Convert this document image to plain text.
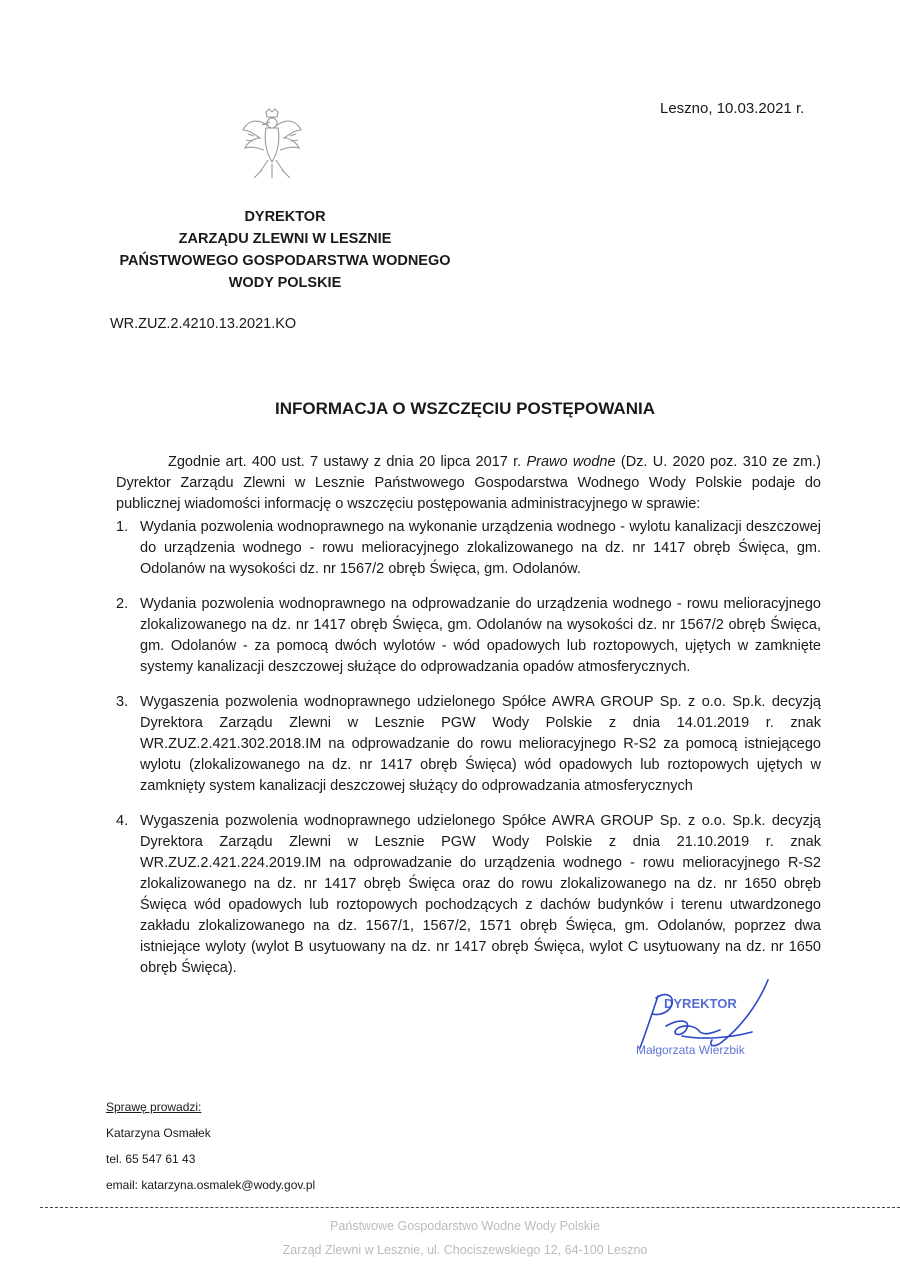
Leszno, 10.03.2021 r.
DYREKTOR
ZARZĄDU ZLEWNI W LESZNIE
PAŃSTWOWEGO GOSPODARSTWA WODNEGO
WODY POLSKIE
WR.ZUZ.2.4210.13.2021.KO
INFORMACJA O WSZCZĘCIU POSTĘPOWANIA
Zgodnie art. 400 ust. 7 ustawy z dnia 20 lipca 2017 r. Prawo wodne (Dz. U. 2020 poz. 310 ze zm.) Dyrektor Zarządu Zlewni w Lesznie Państwowego Gospodarstwa Wodnego Wody Polskie podaje do publicznej wiadomości informację o wszczęciu postępowania administracyjnego w sprawie:
1. Wydania pozwolenia wodnoprawnego na wykonanie urządzenia wodnego - wylotu kanalizacji deszczowej do urządzenia wodnego - rowu melioracyjnego zlokalizowanego na dz. nr 1417 obręb Święca, gm. Odolanów na wysokości dz. nr 1567/2 obręb Święca, gm. Odolanów.
2. Wydania pozwolenia wodnoprawnego na odprowadzanie do urządzenia wodnego - rowu melioracyjnego zlokalizowanego na dz. nr 1417 obręb Święca, gm. Odolanów na wysokości dz. nr 1567/2 obręb Święca, gm. Odolanów - za pomocą dwóch wylotów - wód opadowych lub roztopowych, ujętych w zamknięte systemy kanalizacji deszczowej służące do odprowadzania opadów atmosferycznych.
3. Wygaszenia pozwolenia wodnoprawnego udzielonego Spółce AWRA GROUP Sp. z o.o. Sp.k. decyzją Dyrektora Zarządu Zlewni w Lesznie PGW Wody Polskie z dnia 14.01.2019 r. znak WR.ZUZ.2.421.302.2018.IM na odprowadzanie do rowu melioracyjnego R-S2 za pomocą istniejącego wylotu (zlokalizowanego na dz. nr 1417 obręb Święca) wód opadowych lub roztopowych ujętych w zamknięty system kanalizacji deszczowej służący do odprowadzania atmosferycznych
4. Wygaszenia pozwolenia wodnoprawnego udzielonego Spółce AWRA GROUP Sp. z o.o. Sp.k. decyzją Dyrektora Zarządu Zlewni w Lesznie PGW Wody Polskie z dnia 21.10.2019 r. znak WR.ZUZ.2.421.224.2019.IM na odprowadzanie do urządzenia wodnego - rowu melioracyjnego R-S2 zlokalizowanego na dz. nr 1417 obręb Święca oraz do rowu zlokalizowanego na dz. nr 1650 obręb Święca wód opadowych lub roztopowych pochodzących z dachów budynków i terenu utwardzonego zakładu zlokalizowanego na dz. 1567/1, 1567/2, 1571 obręb Święca, gm. Odolanów, poprzez dwa istniejące wyloty (wylot B usytuowany na dz. nr 1417 obręb Święca, wylot C usytuowany na dz. nr 1650 obręb Święca).
DYREKTOR
Małgorzata Wierzbik
Sprawę prowadzi:
Katarzyna Osmałek
tel. 65 547 61 43
email: katarzyna.osmalek@wody.gov.pl
Państwowe Gospodarstwo Wodne Wody Polskie
Zarząd Zlewni w Lesznie, ul. Chociszewskiego 12, 64-100 Leszno
